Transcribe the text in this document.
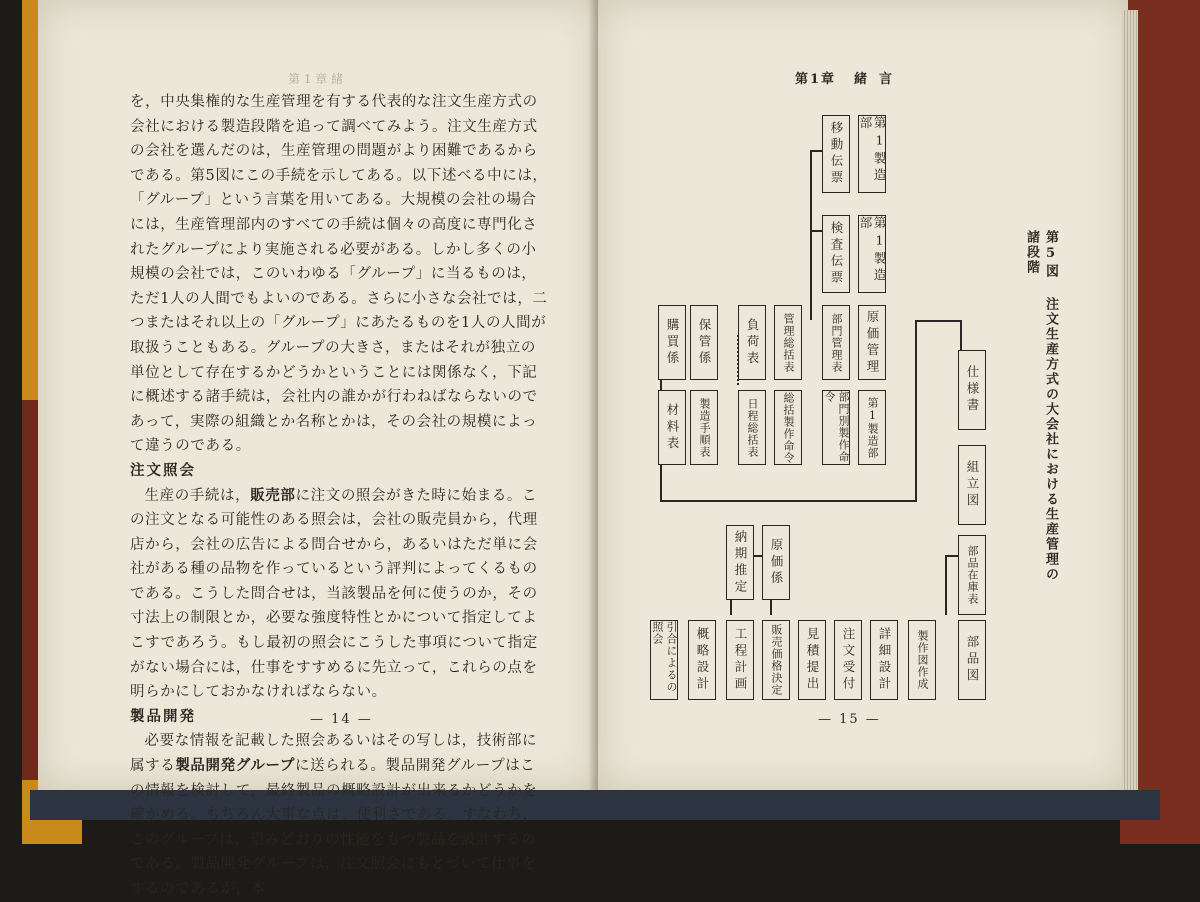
第 1 章 緒

を，中央集権的な生産管理を有する代表的な注文生産方式の会社における製造段階を追って調べてみよう。注文生産方式の会社を選んだのは，生産管理の問題がより困難であるからである。第5図にこの手続を示してある。以下述べる中には，「グループ」という言葉を用いてある。大規模の会社の場合には，生産管理部内のすべての手続は個々の高度に専門化されたグループにより実施される必要がある。しかし多くの小規模の会社では，このいわゆる「グループ」に当るものは，ただ1人の人間でもよいのである。さらに小さな会社では，二つまたはそれ以上の「グループ」にあたるものを1人の人間が取扱うこともある。グループの大きさ，またはそれが独立の単位として存在するかどうかということには関係なく，下記に概述する諸手続は，会社内の誰かが行わねばならないのであって，実際の組織とか名称とかは，その会社の規模によって違うのである。

注文照会

生産の手続は，販売部に注文の照会がきた時に始まる。この注文となる可能性のある照会は，会社の販売員から，代理店から，会社の広告による問合せから，あるいはただ単に会社がある種の品物を作っているという評判によってくるものである。こうした問合せは，当該製品を何に使うのか，その寸法上の制限とか，必要な強度特性とかについて指定してよこすであろう。もし最初の照会にこうした事項について指定がない場合には，仕事をすすめるに先立って，これらの点を明らかにしておかなければならない。

製品開発

必要な情報を記載した照会あるいはその写しは，技術部に属する製品開発グループに送られる。製品開発グループはこの情報を検討して，最終製品の概略設計が出来るかどうかを確かめる。もちろん大事な点は，便利さである。すなわち，このグループは，望みどおりの性能をもつ製品を設計するのである。製品開発グループは，注文照会にもとづいて仕事をするのであるが，本

— 14 —
第1章 緒言
移動伝票	第1製造部
検査伝票	第1製造部
購買係	保管係	負荷表	管理総括表	部門管理表	原価管理
材料表	製造手順表	日程総括表	総括製作命令	部門別製作命令	第1製造部
仕様書
組立図
部品在庫表
納期推定	原価係
引合によるの照会	概略設計	工程計画	販売価格決定	見積提出	注文受付	詳細設計	製作図作成	部品図
第5図 注文生産方式の大会社における生産管理の諸段階
— 15 —
